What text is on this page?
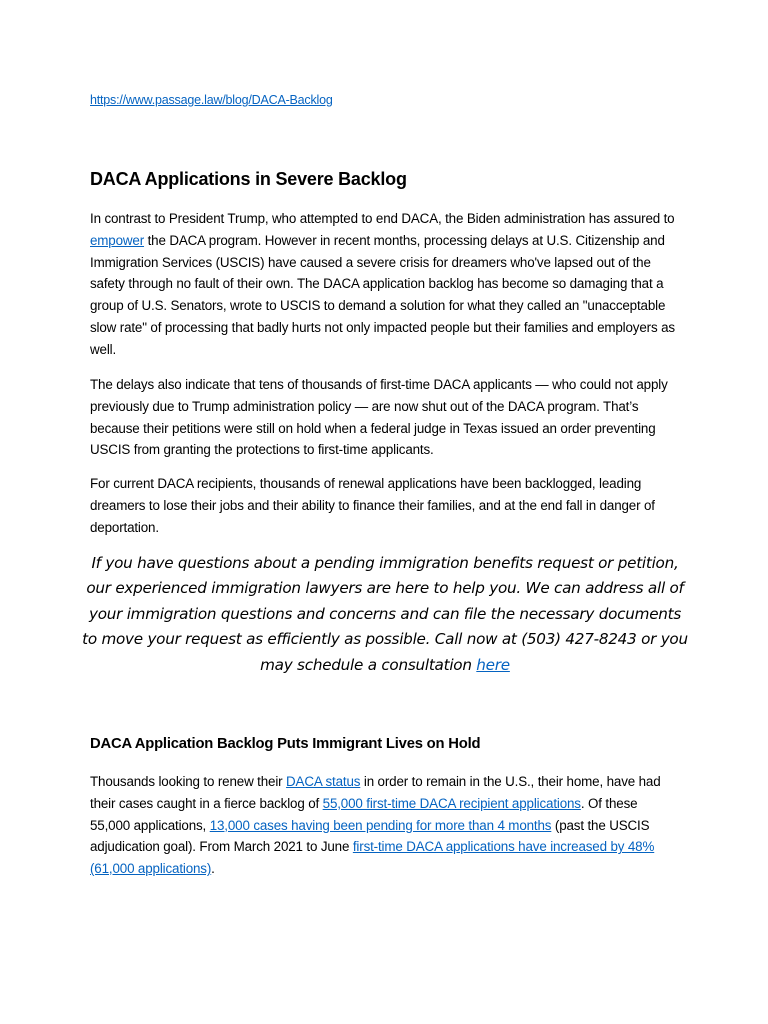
https://www.passage.law/blog/DACA-Backlog
DACA Applications in Severe Backlog

In contrast to President Trump, who attempted to end DACA, the Biden administration has assured to empower the DACA program. However in recent months, processing delays at U.S. Citizenship and Immigration Services (USCIS) have caused a severe crisis for dreamers who've lapsed out of the safety through no fault of their own. The DACA application backlog has become so damaging that a group of U.S. Senators, wrote to USCIS to demand a solution for what they called an "unacceptable slow rate" of processing that badly hurts not only impacted people but their families and employers as well.

The delays also indicate that tens of thousands of first-time DACA applicants — who could not apply previously due to Trump administration policy — are now shut out of the DACA program. That’s because their petitions were still on hold when a federal judge in Texas issued an order preventing USCIS from granting the protections to first-time applicants.

For current DACA recipients, thousands of renewal applications have been backlogged, leading dreamers to lose their jobs and their ability to finance their families, and at the end fall in danger of deportation.

If you have questions about a pending immigration benefits request or petition, our experienced immigration lawyers are here to help you. We can address all of your immigration questions and concerns and can file the necessary documents to move your request as efficiently as possible. Call now at (503) 427-8243 or you may schedule a consultation here

DACA Application Backlog Puts Immigrant Lives on Hold

Thousands looking to renew their DACA status in order to remain in the U.S., their home, have had their cases caught in a fierce backlog of 55,000 first-time DACA recipient applications. Of these 55,000 applications, 13,000 cases having been pending for more than 4 months (past the USCIS adjudication goal). From March 2021 to June first-time DACA applications have increased by 48% (61,000 applications).
